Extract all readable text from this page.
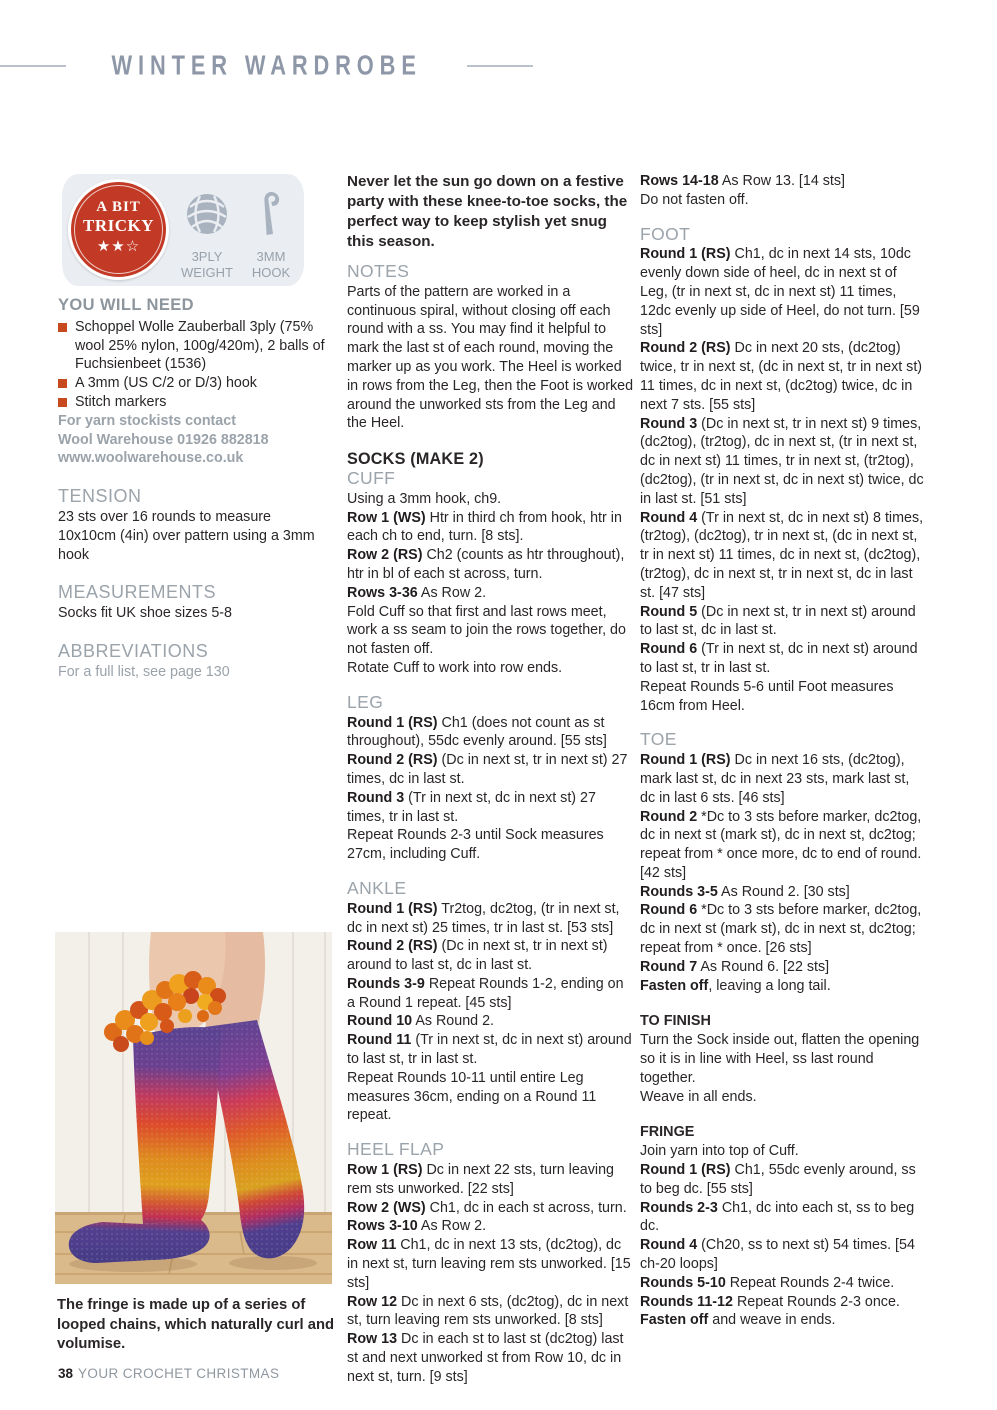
WINTER WARDROBE
A BIT
TRICKY
★★☆
3PLY
WEIGHT
3MM
HOOK
YOU WILL NEED
Schoppel Wolle Zauberball 3ply (75% wool 25% nylon, 100g/420m), 2 balls of Fuchsienbeet (1536)
A 3mm (US C/2 or D/3) hook
Stitch markers
For yarn stockists contact
Wool Warehouse 01926 882818
www.woolwarehouse.co.uk
TENSION
23 sts over 16 rounds to measure 10x10cm (4in) over pattern using a 3mm hook
MEASUREMENTS
Socks fit UK shoe sizes 5-8
ABBREVIATIONS
For a full list, see page 130
The fringe is made up of a series of looped chains, which naturally curl and volumise.
Never let the sun go down on a festive party with these knee-to-toe socks, the perfect way to keep stylish yet snug this season.
NOTES
Parts of the pattern are worked in a continuous spiral, without closing off each round with a ss. You may find it helpful to mark the last st of each round, moving the marker up as you work. The Heel is worked in rows from the Leg, then the Foot is worked around the unworked sts from the Leg and the Heel.
SOCKS (MAKE 2)
CUFF
Using a 3mm hook, ch9.
Row 1 (WS) Htr in third ch from hook, htr in each ch to end, turn. [8 sts].
Row 2 (RS) Ch2 (counts as htr throughout), htr in bl of each st across, turn.
Rows 3-36 As Row 2.
Fold Cuff so that first and last rows meet, work a ss seam to join the rows together, do not fasten off.
Rotate Cuff to work into row ends.
LEG
Round 1 (RS) Ch1 (does not count as st throughout), 55dc evenly around. [55 sts]
Round 2 (RS) (Dc in next st, tr in next st) 27 times, dc in last st.
Round 3 (Tr in next st, dc in next st) 27 times, tr in last st.
Repeat Rounds 2-3 until Sock measures 27cm, including Cuff.
ANKLE
Round 1 (RS) Tr2tog, dc2tog, (tr in next st, dc in next st) 25 times, tr in last st. [53 sts]
Round 2 (RS) (Dc in next st, tr in next st) around to last st, dc in last st.
Rounds 3-9 Repeat Rounds 1-2, ending on a Round 1 repeat. [45 sts]
Round 10 As Round 2.
Round 11 (Tr in next st, dc in next st) around to last st, tr in last st.
Repeat Rounds 10-11 until entire Leg measures 36cm, ending on a Round 11 repeat.
HEEL FLAP
Row 1 (RS) Dc in next 22 sts, turn leaving rem sts unworked. [22 sts]
Row 2 (WS) Ch1, dc in each st across, turn.
Rows 3-10 As Row 2.
Row 11 Ch1, dc in next 13 sts, (dc2tog), dc in next st, turn leaving rem sts unworked. [15 sts]
Row 12 Dc in next 6 sts, (dc2tog), dc in next st, turn leaving rem sts unworked. [8 sts]
Row 13 Dc in each st to last st (dc2tog) last st and next unworked st from Row 10, dc in next st, turn. [9 sts]
Rows 14-18 As Row 13. [14 sts]
Do not fasten off.
FOOT
Round 1 (RS) Ch1, dc in next 14 sts, 10dc evenly down side of heel, dc in next st of Leg, (tr in next st, dc in next st) 11 times, 12dc evenly up side of Heel, do not turn. [59 sts]
Round 2 (RS) Dc in next 20 sts, (dc2tog) twice, tr in next st, (dc in next st, tr in next st) 11 times, dc in next st, (dc2tog) twice, dc in next 7 sts. [55 sts]
Round 3 (Dc in next st, tr in next st) 9 times, (dc2tog), (tr2tog), dc in next st, (tr in next st, dc in next st) 11 times, tr in next st, (tr2tog), (dc2tog), (tr in next st, dc in next st) twice, dc in last st. [51 sts]
Round 4 (Tr in next st, dc in next st) 8 times, (tr2tog), (dc2tog), tr in next st, (dc in next st, tr in next st) 11 times, dc in next st, (dc2tog), (tr2tog), dc in next st, tr in next st, dc in last st. [47 sts]
Round 5 (Dc in next st, tr in next st) around to last st, dc in last st.
Round 6 (Tr in next st, dc in next st) around to last st, tr in last st.
Repeat Rounds 5-6 until Foot measures 16cm from Heel.
TOE
Round 1 (RS) Dc in next 16 sts, (dc2tog), mark last st, dc in next 23 sts, mark last st, dc in last 6 sts. [46 sts]
Round 2 *Dc to 3 sts before marker, dc2tog, dc in next st (mark st), dc in next st, dc2tog; repeat from * once more, dc to end of round. [42 sts]
Rounds 3-5 As Round 2. [30 sts]
Round 6 *Dc to 3 sts before marker, dc2tog, dc in next st (mark st), dc in next st, dc2tog; repeat from * once. [26 sts]
Round 7 As Round 6. [22 sts]
Fasten off, leaving a long tail.
TO FINISH
Turn the Sock inside out, flatten the opening so it is in line with Heel, ss last round together.
Weave in all ends.
FRINGE
Join yarn into top of Cuff.
Round 1 (RS) Ch1, 55dc evenly around, ss to beg dc. [55 sts]
Rounds 2-3 Ch1, dc into each st, ss to beg dc.
Round 4 (Ch20, ss to next st) 54 times. [54 ch-20 loops]
Rounds 5-10 Repeat Rounds 2-4 twice.
Rounds 11-12 Repeat Rounds 2-3 once.
Fasten off and weave in ends.
38 YOUR CROCHET CHRISTMAS
